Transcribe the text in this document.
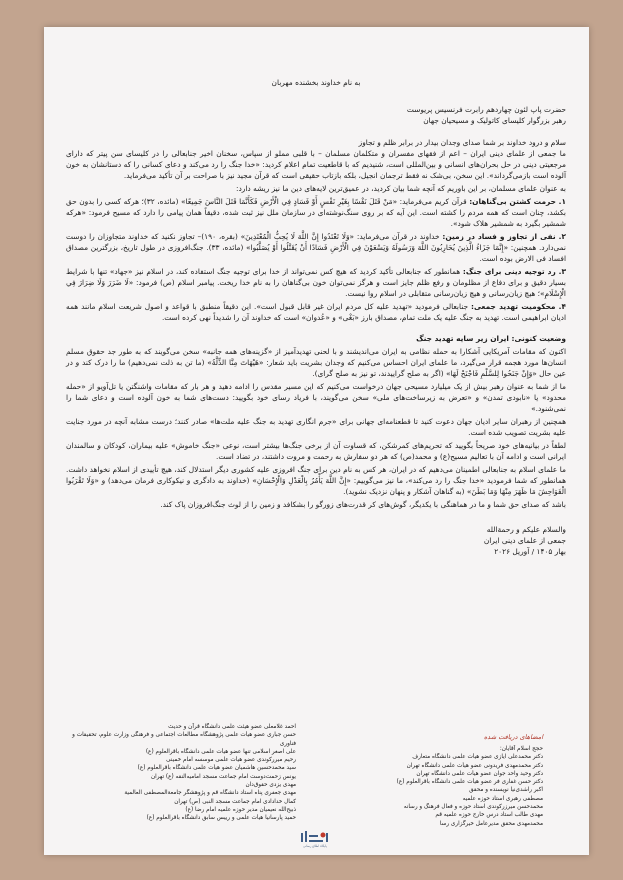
به نام خداوند بخشنده مهربان

حضرت پاپ لئون چهاردهم رابرت فرنسیس پریوست
رهبر بزرگوار کلیسای کاتولیک و مسیحیان جهان

سلام و درود خداوند بر شما صدای وجدان بیدار در برابر ظلم و تجاوز
ما جمعی از علمای دینی ایران – اعم از فقهای مفسران و متکلمان مسلمان – با قلبی مملو از سپاس، سخنان اخیر جنابعالی را در کلیسای سن پیتر که دارای مرجعیتی دینی در حل بحران‌های انسانی و بین‌المللی است، شنیدیم که با قاطعیت تمام اعلام کردید: «خدا جنگ را رد می‌کند و دعای کسانی را که دستانشان به خون آلوده است بازمی‌گرداند». این سخن، بی‌شک نه فقط ترجمان انجیل، بلکه بازتاب حقیقی است که قرآن مجید نیز با صراحت بر آن تأکید می‌فرماید.

به عنوان علمای مسلمان، بر این باوریم که آنچه شما بیان کردید، در عمیق‌ترین لایه‌های دین ما نیز ریشه دارد:

۱. حرمت کشتن بی‌گناهان: قرآن کریم می‌فرماید: «مَنْ قَتَلَ نَفْسًا بِغَيْرِ نَفْسٍ أَوْ فَسَادٍ فِي الْأَرْضِ فَكَأَنَّمَا قَتَلَ النَّاسَ جَمِيعًا» (مائده، ۳۲)؛ هرکه کسی را بدون حق بکشد، چنان است که همه مردم را کشته است. این آیه که بر روی سنگ‌نوشته‌ای در سازمان ملل نیز ثبت شده، دقیقاً همان پیامی را دارد که مسیح فرمود: «هرکه شمشیر بگیرد به شمشیر هلاک شود».

۲. نفی از تجاوز و فساد در زمین: خداوند در قرآن می‌فرماید: «وَلَا تَعْتَدُوا إِنَّ اللَّهَ لَا يُحِبُّ الْمُعْتَدِينَ» (بقره، ۱۹۰)– تجاوز نکنید که خداوند متجاوزان را دوست نمی‌دارد. همچنین: «إِنَّمَا جَزَاءُ الَّذِينَ يُحَارِبُونَ اللَّهَ وَرَسُولَهُ وَيَسْعَوْنَ فِي الْأَرْضِ فَسَادًا أَنْ يُقَتَّلُوا أَوْ يُصَلَّبُوا» (مائده، ۳۳). جنگ‌افروزی در طول تاریخ، بزرگترین مصداق افساد فی الارض بوده است.

۳. رد توجیه دینی برای جنگ: همانطور که جنابعالی تأکید کردید که هیچ کس نمی‌تواند از خدا برای توجیه جنگ استفاده کند، در اسلام نیز «جهاد» تنها با شرایط بسیار دقیق و برای دفاع از مظلومان و رفع ظلم جایز است و هرگز نمی‌توان خون بی‌گناهان را به نام خدا ریخت. پیامبر اسلام (ص) فرمود: «لَا ضَرَرَ وَلَا ضِرَارَ فِي الْإِسْلَامِ»؛ هیچ زیان‌رسانی و هیچ زیان‌رسانی متقابلی در اسلام روا نیست.

۴. محکومیت تهدید جمعی: جنابعالی فرمودید «تهدید علیه کل مردم ایران غیر قابل قبول است». این دقیقاً منطبق با قواعد و اصول شریعت اسلام مانند همه ادیان ابراهیمی است. تهدید به جنگ علیه یک ملت تمام، مصداق بارز «بَغْی» و «عُدوان» است که خداوند آن را شدیداً نهی کرده است.

وضعیت کنونی: ایران زیر سایه تهدید جنگ

اکنون که مقامات آمریکایی آشکارا به حمله نظامی به ایران می‌اندیشند و با لحنی تهدیدآمیز از «گزینه‌های همه جانبه» سخن می‌گویند که به طور جد حقوق مسلم انسان‌ها مورد هجمه قرار می‌گیرد، ما علمای ایران احساس می‌کنیم که وجدان بشریت باید شعار: «هَيْهَاتَ مِنَّا الذِّلَّةُ» (ما تن به ذلت نمی‌دهیم) ما را درک کند و در عین حال «وَإِنْ جَنَحُوا لِلسَّلْمِ فَاجْنَحْ لَهَا» (اگر به صلح گراییدند، تو نیز به صلح گرای).

ما از شما به عنوان رهبر بیش از یک میلیارد مسیحی جهان درخواست می‌کنیم که این مسیر مقدس را ادامه دهید و هر بار که مقامات واشنگتن یا تل‌آویو از «حمله محدود» یا «نابودی تمدن» و «تعرض به زیرساخت‌های ملی» سخن می‌گویند، با فریاد رسای خود بگویید: دست‌های شما به خون آلوده است و دعای شما را نمی‌شنود.»

همچنین از رهبران سایر ادیان جهان دعوت کنید تا قطعنامه‌ای جهانی برای «جرم انگاری تهدید به جنگ علیه ملت‌ها» صادر کنند؛ درست مشابه آنچه در مورد جنایت علیه بشریت تصویب شده است.

لطفاً در بیانیه‌های خود صریحاً بگویید که تحریم‌های کمرشکن، که قساوت آن از برخی جنگ‌ها بیشتر است، نوعی «جنگ خاموش» علیه بیماران، کودکان و سالمندان ایرانی است و ادامه آن با تعالیم مسیح(ع) و محمد(ص) که هر دو سفارش به رحمت و مروت داشتند، در تضاد است.

ما علمای اسلام به جنابعالی اطمینان می‌دهیم که در ایران، هر کس به نام دین برای جنگ افروزی علیه کشوری دیگر استدلال کند، هیچ تأییدی از اسلام نخواهد داشت. همانطور که شما فرمودید «خدا جنگ را رد می‌کند»، ما نیز می‌گوییم: «إِنَّ اللَّهَ يَأْمُرُ بِالْعَدْلِ وَالْإِحْسَانِ» (خداوند به دادگری و نیکوکاری فرمان می‌دهد) و «وَلَا تَقْرَبُوا الْفَوَاحِشَ مَا ظَهَرَ مِنْهَا وَمَا بَطَنَ» (به گناهان آشکار و پنهان نزدیک نشوید).

باشد که صدای حق شما و ما در هماهنگی با یکدیگر، گوش‌های کر قدرت‌های زورگو را بشکافد و زمین را از لوث جنگ‌افروزان پاک کند.

والسلام علیکم و رحمة‌الله
جمعی از علمای دینی ایران
بهار ۱۴۰۵ / آوریل ۲۰۲۶

امضاهای دریافت شده
حجج اسلام آقایان:
دکتر محمدعلی ایازی عضو هیأت علمی دانشگاه متعارف
دکتر محمدمهدی فریدونی عضو هیأت علمی دانشگاه تهران
دکتر وحید واحد جوان عضو هیأت علمی دانشگاه تهران
دکتر حسن غفاری فر عضو هیأت علمی دانشگاه باقرالعلوم (ع)
اکبر راشدی‌نیا نویسنده و محقق
مصطفی رهبری استاد حوزه علمیه
محمدحسن میرزرکوندی استاد حوزه و فعال فرهنگ و رسانه
مهدی طالب استاد درس خارج حوزه علمیه قم
محمدمهدی محقق مدیرعامل خیرگزاری رسا
احمد غلامعلی عضو هیئت علمی دانشگاه قرآن و حدیث
حسن جباری عضو هیأت علمی پژوهشگاه مطالعات اجتماعی و فرهنگی وزارت علوم، تحقیقات و فناوری
علی اصغر اسلامی تنها عضو هیأت علمی دانشگاه باقرالعلوم (ع)
رحیم میررکوندی عضو هیأت علمی موسسه امام خمینی
سید محمدحسین هاشمیان عضو هیأت علمی دانشگاه باقرالعلوم (ع)
یونس زحمت‌دوست امام جماعت مسجد امامیه‌النقه (ع) تهران
مهدی یزدی حقوق‌دان
مهدی جعفری پناه استاد دانشگاه قم و پژوهشگر جامعة‌المصطفی العالمیة
کمال خدادادی امام جماعت مسجد النبی (ص) تهران
ذبیح‌الله نعیمیان مدیر حوزه علمیه امام رضا (ع)
حمید پارسانیا هیأت علمی و رییس سابق دانشگاه باقرالعلوم (ع)
پایگاه اطلاع رسانی
